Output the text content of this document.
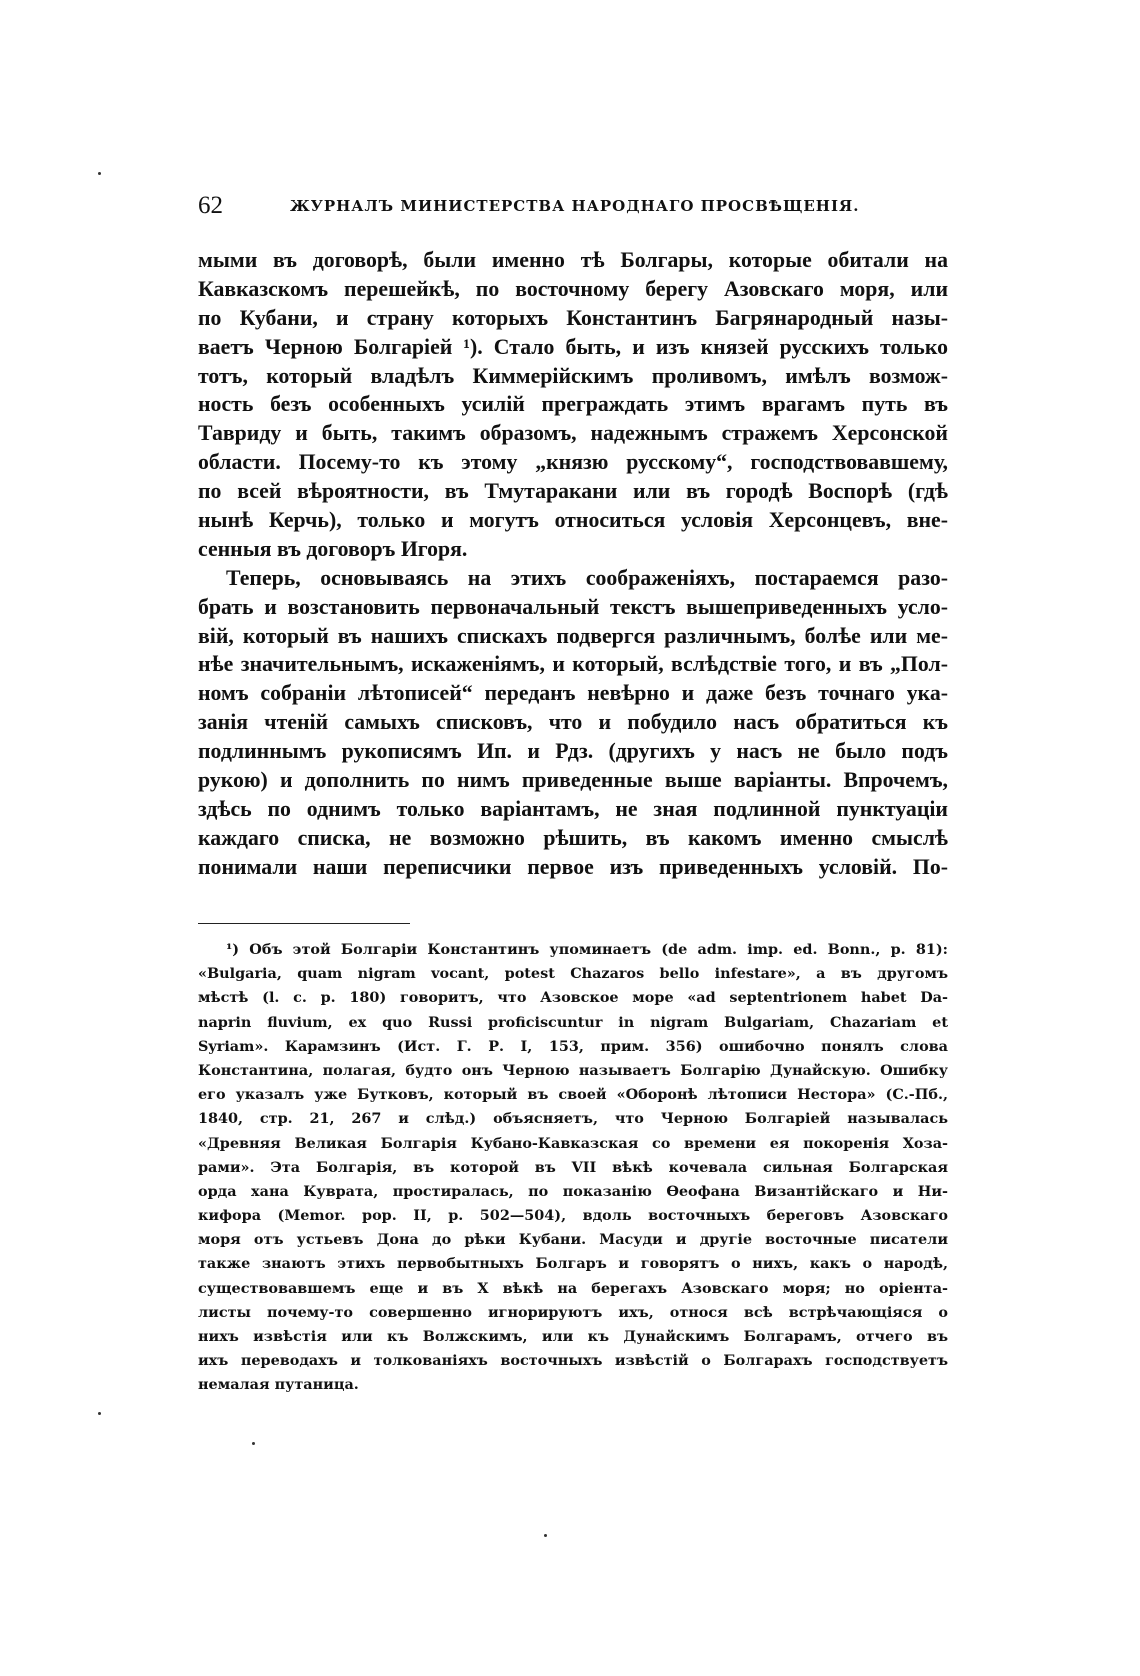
62	ЖУРНАЛЪ МИНИСТЕРСТВА НАРОДНАГО ПРОСВѢЩЕНІЯ.
мыми въ договорѣ, были именно тѣ Болгары, которые обитали на
Кавказскомъ перешейкѣ, по восточному берегу Азовскаго моря, или
по Кубани, и страну которыхъ Константинъ Багрянародный назы-
ваетъ Черною Болгаріей ¹). Стало быть, и изъ князей русскихъ только
тотъ, который владѣлъ Киммерійскимъ проливомъ, имѣлъ возмож-
ность безъ особенныхъ усилій преграждать этимъ врагамъ путь въ
Тавриду и быть, такимъ образомъ, надежнымъ стражемъ Херсонской
области. Посему-то къ этому „князю русскому“, господствовавшему,
по всей вѣроятности, въ Тмутаракани или въ городѣ Воспорѣ (гдѣ
нынѣ Керчь), только и могутъ относиться условія Херсонцевъ, вне-
сенныя въ договоръ Игоря.
Теперь, основываясь на этихъ соображеніяхъ, постараемся разо-
брать и возстановить первоначальный текстъ вышеприведенныхъ усло-
вій, который въ нашихъ спискахъ подвергся различнымъ, болѣе или ме-
нѣе значительнымъ, искаженіямъ, и который, вслѣдствіе того, и въ „Пол-
номъ собраніи лѣтописей“ переданъ невѣрно и даже безъ точнаго ука-
занія чтеній самыхъ списковъ, что и побудило насъ обратиться къ
подлиннымъ рукописямъ Ип. и Рдз. (другихъ у насъ не было подъ
рукою) и дополнить по нимъ приведенные выше варіанты. Впрочемъ,
здѣсь по однимъ только варіантамъ, не зная подлинной пунктуаціи
каждаго списка, не возможно рѣшить, въ какомъ именно смыслѣ
понимали наши переписчики первое изъ приведенныхъ условій. По-
¹) Объ этой Болгаріи Константинъ упоминаетъ (de adm. imp. ed. Bonn., p. 81):
«Bulgaria, quam nigram vocant, potest Chazaros bello infestare», а въ другомъ
мѣстѣ (l. c. p. 180) говоритъ, что Азовское море «ad septentrionem habet Da-
naprin fluvium, ex quo Russi proficiscuntur in nigram Bulgariam, Chazariam et
Syriam». Карамзинъ (Ист. Г. Р. I, 153, прим. 356) ошибочно понялъ слова
Константина, полагая, будто онъ Черною называетъ Болгарію Дунайскую. Ошибку
его указалъ уже Бутковъ, который въ своей «Оборонѣ лѣтописи Нестора» (С.-Пб.,
1840, стр. 21, 267 и слѣд.) объясняетъ, что Черною Болгаріей называлась
«Древняя Великая Болгарія Кубано-Кавказская со времени ея покоренія Хоза-
рами». Эта Болгарія, въ которой въ VII вѣкѣ кочевала сильная Болгарская
орда хана Куврата, простиралась, по показанію Ѳеофана Византійскаго и Ни-
кифора (Memor. pop. II, p. 502—504), вдоль восточныхъ береговъ Азовскаго
моря отъ устьевъ Дона до рѣки Кубани. Масуди и другіе восточные писатели
также знаютъ этихъ первобытныхъ Болгаръ и говорятъ о нихъ, какъ о народѣ,
существовавшемъ еще и въ X вѣкѣ на берегахъ Азовскаго моря; но оріента-
листы почему-то совершенно игнорируютъ ихъ, относя всѣ встрѣчающіяся о
нихъ извѣстія или къ Волжскимъ, или къ Дунайскимъ Болгарамъ, отчего въ
ихъ переводахъ и толкованіяхъ восточныхъ извѣстій о Болгарахъ господствуетъ
немалая путаница.
